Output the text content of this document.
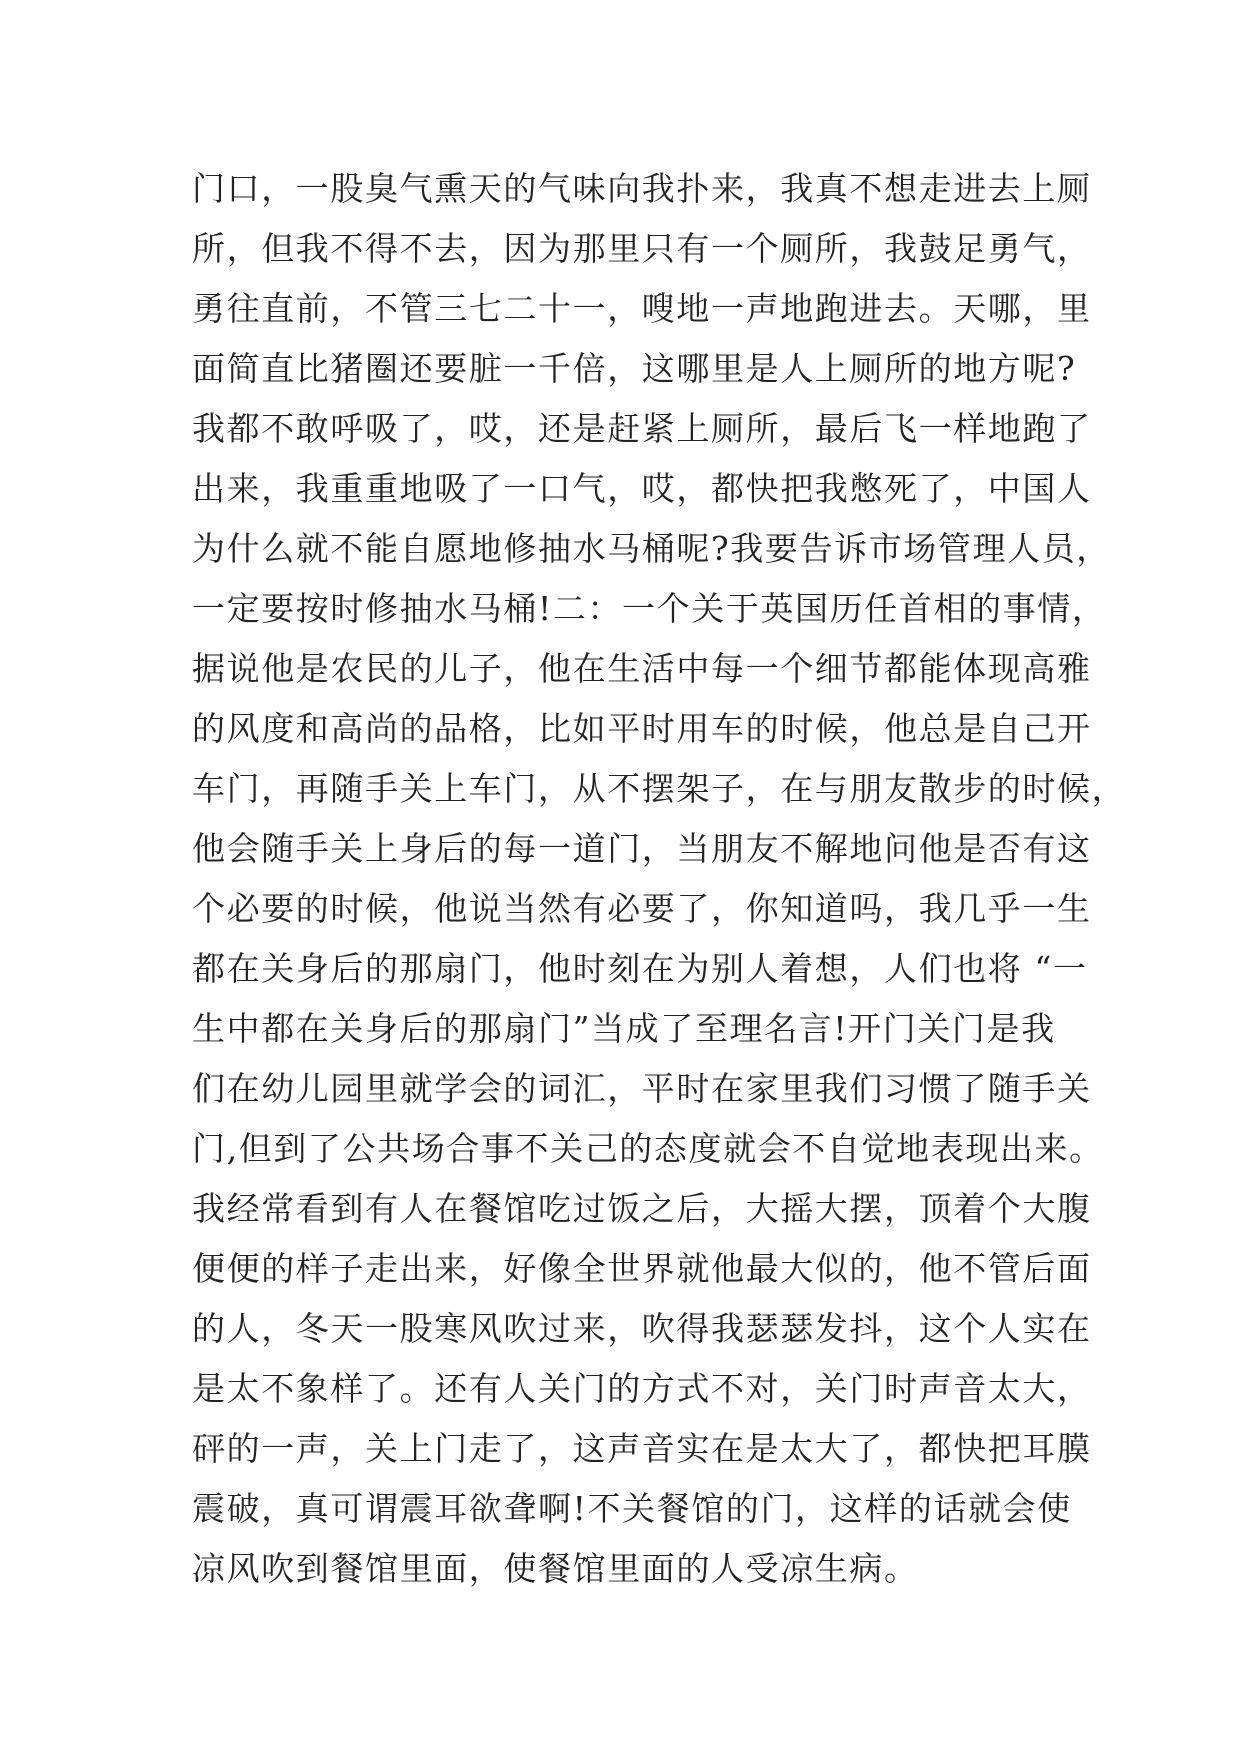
门口，一股臭气熏天的气味向我扑来，我真不想走进去上厕
所，但我不得不去，因为那里只有一个厕所，我鼓足勇气，
勇往直前，不管三七二十一，嗖地一声地跑进去。天哪，里
面简直比猪圈还要脏一千倍，这哪里是人上厕所的地方呢?
我都不敢呼吸了，哎，还是赶紧上厕所，最后飞一样地跑了
出来，我重重地吸了一口气，哎，都快把我憋死了，中国人
为什么就不能自愿地修抽水马桶呢?我要告诉市场管理人员，
一定要按时修抽水马桶!二：一个关于英国历任首相的事情，
据说他是农民的儿子，他在生活中每一个细节都能体现高雅
的风度和高尚的品格，比如平时用车的时候，他总是自己开
车门，再随手关上车门，从不摆架子，在与朋友散步的时候，
他会随手关上身后的每一道门，当朋友不解地问他是否有这
个必要的时候，他说当然有必要了，你知道吗，我几乎一生
都在关身后的那扇门，他时刻在为别人着想，人们也将 “一
生中都在关身后的那扇门”当成了至理名言!开门关门是我
们在幼儿园里就学会的词汇，平时在家里我们习惯了随手关
门,但到了公共场合事不关己的态度就会不自觉地表现出来。
我经常看到有人在餐馆吃过饭之后，大摇大摆，顶着个大腹
便便的样子走出来，好像全世界就他最大似的，他不管后面
的人，冬天一股寒风吹过来，吹得我瑟瑟发抖，这个人实在
是太不象样了。还有人关门的方式不对，关门时声音太大，
砰的一声，关上门走了，这声音实在是太大了，都快把耳膜
震破，真可谓震耳欲聋啊!不关餐馆的门，这样的话就会使
凉风吹到餐馆里面，使餐馆里面的人受凉生病。
